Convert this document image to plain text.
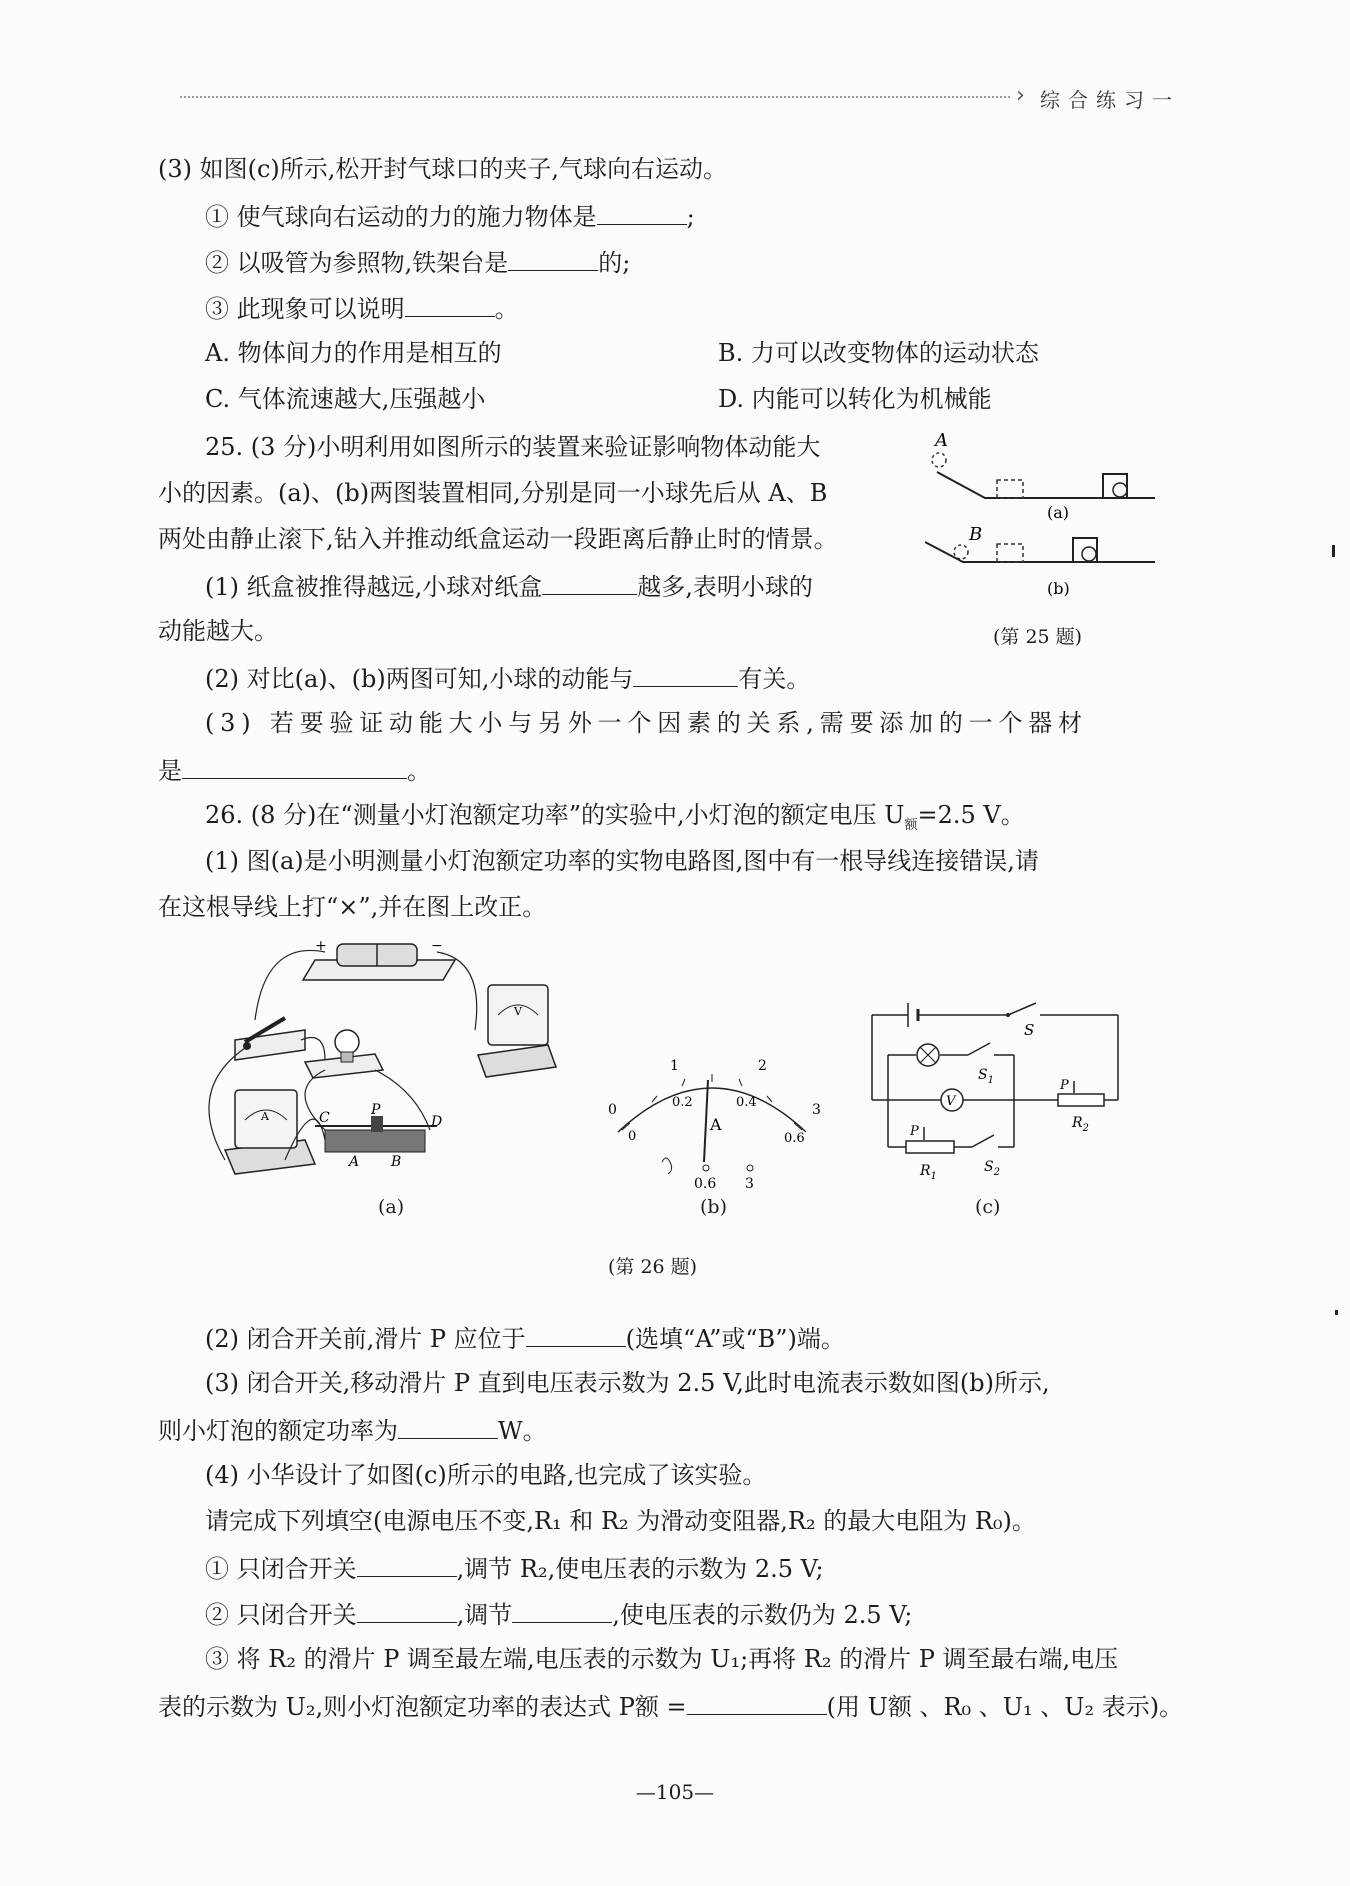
› 综合练习一
(3) 如图(c)所示,松开封气球口的夹子,气球向右运动。
① 使气球向右运动的力的施力物体是	;
② 以吸管为参照物,铁架台是	的;
③ 此现象可以说明	。
A. 物体间力的作用是相互的	B. 力可以改变物体的运动状态
C. 气体流速越大,压强越小	D. 内能可以转化为机械能
25. (3 分)小明利用如图所示的装置来验证影响物体动能大
小的因素。(a)、(b)两图装置相同,分别是同一小球先后从 A、B
两处由静止滚下,钻入并推动纸盒运动一段距离后静止时的情景。
(1) 纸盒被推得越远,小球对纸盒	越多,表明小球的
动能越大。
(2) 对比(a)、(b)两图可知,小球的动能与	有关。
(3) 若要验证动能大小与另外一个因素的关系,需要添加的一个器材
是	。
A
(a)
B
(b)
(第 25 题)
26. (8 分)在“测量小灯泡额定功率”的实验中,小灯泡的额定电压 $U_额=2.5$ V。
(1) 图(a)是小明测量小灯泡额定功率的实物电路图,图中有一根导线连接错误,请
在这根导线上打“×”,并在图上改正。
+	−
A	C	P
D
A B
V
(a)
0
1	2
3
0
0.2	0.4
0.6
A
0.6 3
(b)
S
P
$R_2$
$S_1$
V
P
$R_1$
$S_2$
(c)
(第 26 题)
(2) 闭合开关前,滑片 P 应位于	(选填“A”或“B”)端。
(3) 闭合开关,移动滑片 P 直到电压表示数为 2.5 V,此时电流表示数如图(b)所示,
则小灯泡的额定功率为	W。
(4) 小华设计了如图(c)所示的电路,也完成了该实验。
请完成下列填空(电源电压不变,R₁ 和 R₂ 为滑动变阻器,R₂ 的最大电阻为 R₀)。
① 只闭合开关	,调节 R₂,使电压表的示数为 2.5 V;
② 只闭合开关	,调节	,使电压表的示数仍为 2.5 V;
③ 将 R₂ 的滑片 P 调至最左端,电压表的示数为 U₁;再将 R₂ 的滑片 P 调至最右端,电压
表的示数为 U₂,则小灯泡额定功率的表达式 P额 =	(用 U额 、R₀ 、U₁ 、U₂ 表示)。
—105—
